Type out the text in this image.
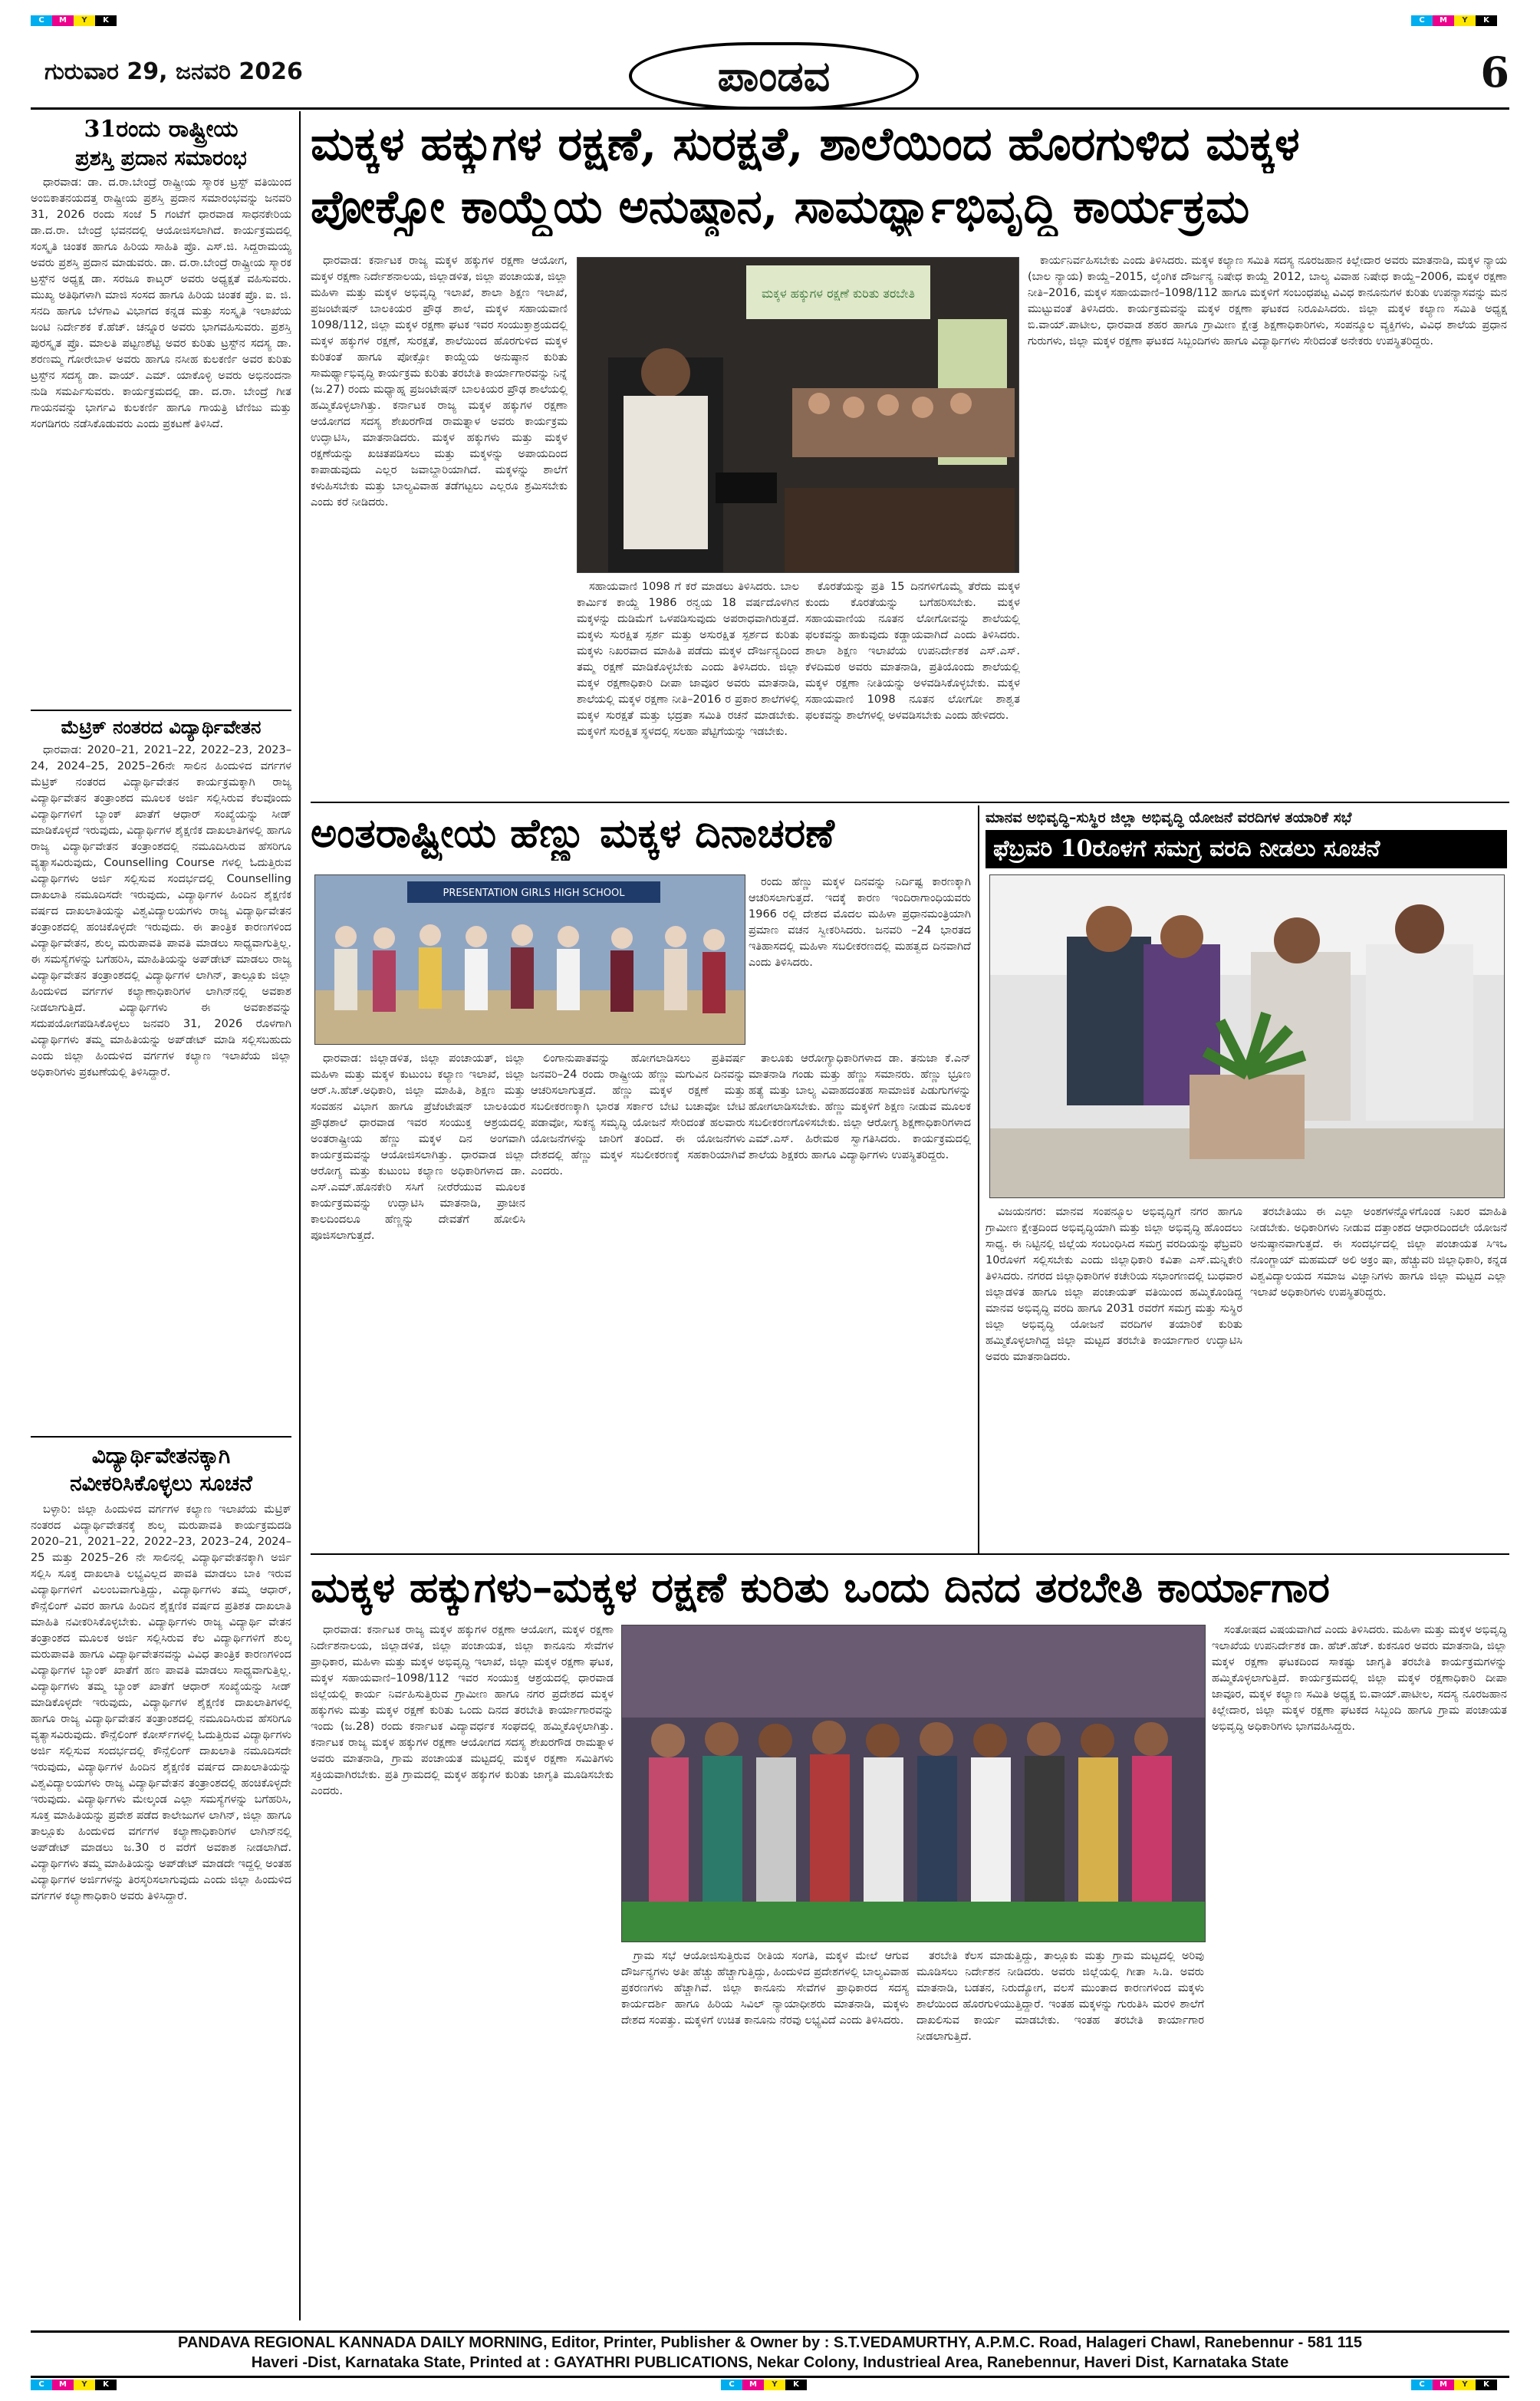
C	M	Y	K	C	M	Y	K
ಗುರುವಾರ 29, ಜನವರಿ 2026	ಪಾಂಡವ	6
31ರಂದು ರಾಷ್ಟ್ರೀಯ
ಪ್ರಶಸ್ತಿ ಪ್ರದಾನ ಸಮಾರಂಭ

ಧಾರವಾಡ: ಡಾ. ದ.ರಾ.ಬೇಂದ್ರೆ ರಾಷ್ಟ್ರೀಯ ಸ್ಮಾರಕ ಟ್ರಸ್ಟ್ ವತಿಯಿಂದ ಅಂಬಿಕಾತನಯದತ್ತ ರಾಷ್ಟ್ರೀಯ ಪ್ರಶಸ್ತಿ ಪ್ರದಾನ ಸಮಾರಂಭವನ್ನು ಜನವರಿ 31, 2026 ರಂದು ಸಂಜೆ 5 ಗಂಟೆಗೆ ಧಾರವಾಡ ಸಾಧನಕೇರಿಯ ಡಾ.ದ.ರಾ. ಬೇಂದ್ರೆ ಭವನದಲ್ಲಿ ಆಯೋಜಿಸಲಾಗಿದೆ. ಕಾರ್ಯಕ್ರಮದಲ್ಲಿ ಸಂಸ್ಕೃತಿ ಚಿಂತಕ ಹಾಗೂ ಹಿರಿಯ ಸಾಹಿತಿ ಪ್ರೊ. ಎಸ್.ಜಿ. ಸಿದ್ದರಾಮಯ್ಯ ಅವರು ಪ್ರಶಸ್ತಿ ಪ್ರದಾನ ಮಾಡುವರು. ಡಾ. ದ.ರಾ.ಬೇಂದ್ರೆ ರಾಷ್ಟ್ರೀಯ ಸ್ಮಾರಕ ಟ್ರಸ್ಟ್‌ನ ಅಧ್ಯಕ್ಷ ಡಾ. ಸರಜೂ ಕಾಟ್ಕರ್ ಅವರು ಅಧ್ಯಕ್ಷತೆ ವಹಿಸುವರು. ಮುಖ್ಯ ಅತಿಥಿಗಳಾಗಿ ಮಾಜಿ ಸಂಸದ ಹಾಗೂ ಹಿರಿಯ ಚಿಂತಕ ಪ್ರೊ. ಐ. ಜಿ. ಸನದಿ ಹಾಗೂ ಬೆಳಗಾವಿ ವಿಭಾಗದ ಕನ್ನಡ ಮತ್ತು ಸಂಸ್ಕೃತಿ ಇಲಾಖೆಯ ಜಂಟಿ ನಿರ್ದೇಶಕ ಕೆ.ಹೆಚ್. ಚನ್ನೂರ ಅವರು ಭಾಗವಹಿಸುವರು. ಪ್ರಶಸ್ತಿ ಪುರಸ್ಕೃತ ಪ್ರೊ. ಮಾಲತಿ ಪಟ್ಟಣಶೆಟ್ಟಿ ಅವರ ಕುರಿತು ಟ್ರಸ್ಟ್‌ನ ಸದಸ್ಯ ಡಾ. ಶರಣಮ್ಮ ಗೋರೇಬಾಳ ಅವರು ಹಾಗೂ ನಸೀಹ ಕುಲಕರ್ಣಿ ಅವರ ಕುರಿತು ಟ್ರಸ್ಟ್‌ನ ಸದಸ್ಯ ಡಾ. ವಾಯ್. ಎಮ್. ಯಾಕೊಳ್ಳಿ ಅವರು ಅಭಿನಂದನಾ ನುಡಿ ಸಮರ್ಪಿಸುವರು. ಕಾರ್ಯಕ್ರಮದಲ್ಲಿ ಡಾ. ದ.ರಾ. ಬೇಂದ್ರೆ ಗೀತ ಗಾಯನವನ್ನು ಭಾರ್ಗವಿ ಕುಲಕರ್ಣಿ ಹಾಗೂ ಗಾಯತ್ರಿ ಟೆಣಿಜು ಮತ್ತು ಸಂಗಡಿಗರು ನಡೆಸಿಕೊಡುವರು ಎಂದು ಪ್ರಕಟಣೆ ತಿಳಿಸಿದೆ.

ಮೆಟ್ರಿಕ್ ನಂತರದ ವಿದ್ಯಾರ್ಥಿವೇತನ

ಧಾರವಾಡ: 2020–21, 2021–22, 2022–23, 2023–24, 2024–25, 2025–26ನೇ ಸಾಲಿನ ಹಿಂದುಳಿದ ವರ್ಗಗಳ ಮೆಟ್ರಿಕ್ ನಂತರದ ವಿದ್ಯಾರ್ಥಿವೇತನ ಕಾರ್ಯಕ್ರಮಕ್ಕಾಗಿ ರಾಜ್ಯ ವಿದ್ಯಾರ್ಥಿವೇತನ ತಂತ್ರಾಂಶದ ಮೂಲಕ ಅರ್ಜಿ ಸಲ್ಲಿಸಿರುವ ಕೆಲವೊಂದು ವಿದ್ಯಾರ್ಥಿಗಳಿಗೆ ಬ್ಯಾಂಕ್ ಖಾತೆಗೆ ಆಧಾರ್ ಸಂಖ್ಯೆಯನ್ನು ಸೀಡ್ ಮಾಡಿಕೊಳ್ಳದೆ ಇರುವುದು, ವಿದ್ಯಾರ್ಥಿಗಳ ಶೈಕ್ಷಣಿಕ ದಾಖಲಾತಿಗಳಲ್ಲಿ ಹಾಗೂ ರಾಜ್ಯ ವಿದ್ಯಾರ್ಥಿವೇತನ ತಂತ್ರಾಂಶದಲ್ಲಿ ನಮೂದಿಸಿರುವ ಹೆಸರಿಗೂ ವ್ಯತ್ಯಾಸವಿರುವುದು, Counselling Course ಗಳಲ್ಲಿ ಓದುತ್ತಿರುವ ವಿದ್ಯಾರ್ಥಿಗಳು ಅರ್ಜಿ ಸಲ್ಲಿಸುವ ಸಂದರ್ಭದಲ್ಲಿ Counselling ದಾಖಲಾತಿ ನಮೂದಿಸದೇ ಇರುವುದು, ವಿದ್ಯಾರ್ಥಿಗಳ ಹಿಂದಿನ ಶೈಕ್ಷಣಿಕ ವರ್ಷದ ದಾಖಲಾತಿಯನ್ನು ವಿಶ್ವವಿದ್ಯಾಲಯಗಳು ರಾಜ್ಯ ವಿದ್ಯಾರ್ಥಿವೇತನ ತಂತ್ರಾಂಶದಲ್ಲಿ ಹಂಚಿಕೊಳ್ಳದೇ ಇರುವುದು. ಈ ತಾಂತ್ರಿಕ ಕಾರಣಗಳಿಂದ ವಿದ್ಯಾರ್ಥಿವೇತನ, ಶುಲ್ಕ ಮರುಪಾವತಿ ಪಾವತಿ ಮಾಡಲು ಸಾಧ್ಯವಾಗುತ್ತಿಲ್ಲ. ಈ ಸಮಸ್ಯೆಗಳನ್ನು ಬಗೆಹರಿಸಿ, ಮಾಹಿತಿಯನ್ನು ಅಪ್‌ಡೇಟ್ ಮಾಡಲು ರಾಜ್ಯ ವಿದ್ಯಾರ್ಥಿವೇತನ ತಂತ್ರಾಂಶದಲ್ಲಿ ವಿದ್ಯಾರ್ಥಿಗಳ ಲಾಗಿನ್, ತಾಲ್ಲೂಕು ಜಿಲ್ಲಾ ಹಿಂದುಳಿದ ವರ್ಗಗಳ ಕಲ್ಯಾಣಾಧಿಕಾರಿಗಳ ಲಾಗಿನ್‌ನಲ್ಲಿ ಅವಕಾಶ ನೀಡಲಾಗುತ್ತಿದೆ. ವಿದ್ಯಾರ್ಥಿಗಳು ಈ ಅವಕಾಶವನ್ನು ಸದುಪಯೋಗಪಡಿಸಿಕೊಳ್ಳಲು ಜನವರಿ 31, 2026 ರೊಳಗಾಗಿ ವಿದ್ಯಾರ್ಥಿಗಳು ತಮ್ಮ ಮಾಹಿತಿಯನ್ನು ಅಪ್‌ಡೇಟ್ ಮಾಡಿ ಸಲ್ಲಿಸಬಹುದು ಎಂದು ಜಿಲ್ಲಾ ಹಿಂದುಳಿದ ವರ್ಗಗಳ ಕಲ್ಯಾಣ ಇಲಾಖೆಯ ಜಿಲ್ಲಾ ಅಧಿಕಾರಿಗಳು ಪ್ರಕಟಣೆಯಲ್ಲಿ ತಿಳಿಸಿದ್ದಾರೆ.

ವಿದ್ಯಾರ್ಥಿವೇತನಕ್ಕಾಗಿ
ನವೀಕರಿಸಿಕೊಳ್ಳಲು ಸೂಚನೆ

ಬಳ್ಳಾರಿ: ಜಿಲ್ಲಾ ಹಿಂದುಳಿದ ವರ್ಗಗಳ ಕಲ್ಯಾಣ ಇಲಾಖೆಯ ಮೆಟ್ರಿಕ್ ನಂತರದ ವಿದ್ಯಾರ್ಥಿವೇತನಕ್ಕೆ ಶುಲ್ಕ ಮರುಪಾವತಿ ಕಾರ್ಯಕ್ರಮದಡಿ 2020–21, 2021–22, 2022–23, 2023–24, 2024–25 ಮತ್ತು 2025–26 ನೇ ಸಾಲಿನಲ್ಲಿ ವಿದ್ಯಾರ್ಥಿವೇತನಕ್ಕಾಗಿ ಅರ್ಜಿ ಸಲ್ಲಿಸಿ ಸೂಕ್ತ ದಾಖಲಾತಿ ಲಭ್ಯವಿಲ್ಲದ ಪಾವತಿ ಮಾಡಲು ಬಾಕಿ ಇರುವ ವಿದ್ಯಾರ್ಥಿಗಳಿಗೆ ವಿಲಂಬವಾಗುತ್ತಿದ್ದು, ವಿದ್ಯಾರ್ಥಿಗಳು ತಮ್ಮ ಆಧಾರ್, ಕೌನ್ಸೆಲಿಂಗ್ ವಿವರ ಹಾಗೂ ಹಿಂದಿನ ಶೈಕ್ಷಣಿಕ ವರ್ಷದ ಪ್ರತಿಶತ ದಾಖಲಾತಿ ಮಾಹಿತಿ ನವೀಕರಿಸಿಕೊಳ್ಳಬೇಕು. ವಿದ್ಯಾರ್ಥಿಗಳು ರಾಜ್ಯ ವಿದ್ಯಾರ್ಥಿ ವೇತನ ತಂತ್ರಾಂಶದ ಮೂಲಕ ಅರ್ಜಿ ಸಲ್ಲಿಸಿರುವ ಕೆಲ ವಿದ್ಯಾರ್ಥಿಗಳಿಗೆ ಶುಲ್ಕ ಮರುಪಾವತಿ ಹಾಗೂ ವಿದ್ಯಾರ್ಥಿವೇತನವನ್ನು ವಿವಿಧ ತಾಂತ್ರಿಕ ಕಾರಣಗಳಿಂದ ವಿದ್ಯಾರ್ಥಿಗಳ ಬ್ಯಾಂಕ್ ಖಾತೆಗೆ ಹಣ ಪಾವತಿ ಮಾಡಲು ಸಾಧ್ಯವಾಗುತ್ತಿಲ್ಲ. ವಿದ್ಯಾರ್ಥಿಗಳು ತಮ್ಮ ಬ್ಯಾಂಕ್ ಖಾತೆಗೆ ಆಧಾರ್ ಸಂಖ್ಯೆಯನ್ನು ಸೀಡ್ ಮಾಡಿಕೊಳ್ಳದೇ ಇರುವುದು, ವಿದ್ಯಾರ್ಥಿಗಳ ಶೈಕ್ಷಣಿಕ ದಾಖಲಾತಿಗಳಲ್ಲಿ ಹಾಗೂ ರಾಜ್ಯ ವಿದ್ಯಾರ್ಥಿವೇತನ ತಂತ್ರಾಂಶದಲ್ಲಿ ನಮೂದಿಸಿರುವ ಹೆಸರಿಗೂ ವ್ಯತ್ಯಾಸವಿರುವುದು. ಕೌನ್ಸೆಲಿಂಗ್ ಕೋರ್ಸ್‌ಗಳಲ್ಲಿ ಓದುತ್ತಿರುವ ವಿದ್ಯಾರ್ಥಿಗಳು ಅರ್ಜಿ ಸಲ್ಲಿಸುವ ಸಂದರ್ಭದಲ್ಲಿ ಕೌನ್ಸೆಲಿಂಗ್ ದಾಖಲಾತಿ ನಮೂದಿಸದೇ ಇರುವುದು, ವಿದ್ಯಾರ್ಥಿಗಳ ಹಿಂದಿನ ಶೈಕ್ಷಣಿಕ ವರ್ಷದ ದಾಖಲಾತಿಯನ್ನು ವಿಶ್ವವಿದ್ಯಾಲಯಗಳು ರಾಜ್ಯ ವಿದ್ಯಾರ್ಥಿವೇತನ ತಂತ್ರಾಂಶದಲ್ಲಿ ಹಂಚಿಕೊಳ್ಳದೇ ಇರುವುದು. ವಿದ್ಯಾರ್ಥಿಗಳು ಮೇಲ್ಕಂಡ ಎಲ್ಲಾ ಸಮಸ್ಯೆಗಳನ್ನು ಬಗೆಹರಿಸಿ, ಸೂಕ್ತ ಮಾಹಿತಿಯನ್ನು ಪ್ರವೇಶ ಪಡೆದ ಕಾಲೇಜುಗಳ ಲಾಗಿನ್, ಜಿಲ್ಲಾ ಹಾಗೂ ತಾಲ್ಲೂಕು ಹಿಂದುಳಿದ ವರ್ಗಗಳ ಕಲ್ಯಾಣಾಧಿಕಾರಿಗಳ ಲಾಗಿನ್‌ನಲ್ಲಿ ಅಪ್‌ಡೇಟ್ ಮಾಡಲು ಜ.30 ರ ವರೆಗೆ ಅವಕಾಶ ನೀಡಲಾಗಿದೆ. ವಿದ್ಯಾರ್ಥಿಗಳು ತಮ್ಮ ಮಾಹಿತಿಯನ್ನು ಅಪ್‌ಡೇಟ್ ಮಾಡದೇ ಇದ್ದಲ್ಲಿ ಅಂತಹ ವಿದ್ಯಾರ್ಥಿಗಳ ಅರ್ಜಿಗಳನ್ನು ತಿರಸ್ಕರಿಸಲಾಗುವುದು ಎಂದು ಜಿಲ್ಲಾ ಹಿಂದುಳಿದ ವರ್ಗಗಳ ಕಲ್ಯಾಣಾಧಿಕಾರಿ ಅವರು ತಿಳಿಸಿದ್ದಾರೆ.

ಮಕ್ಕಳ ಹಕ್ಕುಗಳ ರಕ್ಷಣೆ, ಸುರಕ್ಷತೆ, ಶಾಲೆಯಿಂದ ಹೊರಗುಳಿದ ಮಕ್ಕಳ
ಪೋಕ್ಸೋ ಕಾಯ್ದೆಯ ಅನುಷ್ಠಾನ, ಸಾಮರ್ಥ್ಯಾಭಿವೃದ್ಧಿ ಕಾರ್ಯಕ್ರಮ

ಧಾರವಾಡ: ಕರ್ನಾಟಕ ರಾಜ್ಯ ಮಕ್ಕಳ ಹಕ್ಕುಗಳ ರಕ್ಷಣಾ ಆಯೋಗ, ಮಕ್ಕಳ ರಕ್ಷಣಾ ನಿರ್ದೇಶನಾಲಯ, ಜಿಲ್ಲಾಡಳಿತ, ಜಿಲ್ಲಾ ಪಂಚಾಯತ, ಜಿಲ್ಲಾ ಮಹಿಳಾ ಮತ್ತು ಮಕ್ಕಳ ಅಭಿವೃದ್ಧಿ ಇಲಾಖೆ, ಶಾಲಾ ಶಿಕ್ಷಣ ಇಲಾಖೆ, ಪ್ರಜಂಟೇಷನ್ ಬಾಲಕಿಯರ ಪ್ರೌಢ ಶಾಲೆ, ಮಕ್ಕಳ ಸಹಾಯವಾಣಿ 1098/112, ಜಿಲ್ಲಾ ಮಕ್ಕಳ ರಕ್ಷಣಾ ಘಟಕ ಇವರ ಸಂಯುಕ್ತಾಶ್ರಯದಲ್ಲಿ ಮಕ್ಕಳ ಹಕ್ಕುಗಳ ರಕ್ಷಣೆ, ಸುರಕ್ಷತೆ, ಶಾಲೆಯಿಂದ ಹೊರಗುಳಿದ ಮಕ್ಕಳ ಕುರಿತಂತೆ ಹಾಗೂ ಪೋಕ್ಸೋ ಕಾಯ್ದೆಯ ಅನುಷ್ಠಾನ ಕುರಿತು ಸಾಮರ್ಥ್ಯಾಭಿವೃದ್ಧಿ ಕಾರ್ಯಕ್ರಮ ಕುರಿತು ತರಬೇತಿ ಕಾರ್ಯಾಗಾರವನ್ನು ನಿನ್ನೆ (ಜ.27) ರಂದು ಮಧ್ಯಾಹ್ನ ಪ್ರಜಂಟೇಷನ್ ಬಾಲಕಿಯರ ಪ್ರೌಢ ಶಾಲೆಯಲ್ಲಿ ಹಮ್ಮಿಕೊಳ್ಳಲಾಗಿತ್ತು. ಕರ್ನಾಟಕ ರಾಜ್ಯ ಮಕ್ಕಳ ಹಕ್ಕುಗಳ ರಕ್ಷಣಾ ಆಯೋಗದ ಸದಸ್ಯ ಶೇಖರಗೌಡ ರಾಮತ್ನಾಳ ಅವರು ಕಾರ್ಯಕ್ರಮ ಉದ್ಘಾಟಿಸಿ, ಮಾತನಾಡಿದರು. ಮಕ್ಕಳ ಹಕ್ಕುಗಳು ಮತ್ತು ಮಕ್ಕಳ ರಕ್ಷಣೆಯನ್ನು ಖಚಿತಪಡಿಸಲು ಮತ್ತು ಮಕ್ಕಳನ್ನು ಅಪಾಯದಿಂದ ಕಾಪಾಡುವುದು ಎಲ್ಲರ ಜವಾಬ್ದಾರಿಯಾಗಿದೆ. ಮಕ್ಕಳನ್ನು ಶಾಲೆಗೆ ಕಳುಹಿಸಬೇಕು ಮತ್ತು ಬಾಲ್ಯವಿವಾಹ ತಡೆಗಟ್ಟಲು ಎಲ್ಲರೂ ಶ್ರಮಿಸಬೇಕು ಎಂದು ಕರೆ ನೀಡಿದರು.

ಮಕ್ಕಳ ಹಕ್ಕುಗಳ ರಕ್ಷಣೆ ಕುರಿತು ತರಬೇತಿ

ಸಹಾಯವಾಣಿ 1098 ಗೆ ಕರೆ ಮಾಡಲು ತಿಳಿಸಿದರು. ಬಾಲ ಕಾರ್ಮಿಕ ಕಾಯ್ದೆ 1986 ರನ್ವಯ 18 ವರ್ಷದೊಳಗಿನ ಮಕ್ಕಳನ್ನು ದುಡಿಮೆಗೆ ಒಳಪಡಿಸುವುದು ಅಪರಾಧವಾಗಿರುತ್ತದೆ. ಮಕ್ಕಳು ಸುರಕ್ಷಿತ ಸ್ಪರ್ಶ ಮತ್ತು ಅಸುರಕ್ಷಿತ ಸ್ಪರ್ಶದ ಕುರಿತು ಮಕ್ಕಳು ನಿಖರವಾದ ಮಾಹಿತಿ ಪಡೆದು ಮಕ್ಕಳ ದೌರ್ಜನ್ಯದಿಂದ ತಮ್ಮ ರಕ್ಷಣೆ ಮಾಡಿಕೊಳ್ಳಬೇಕು ಎಂದು ತಿಳಿಸಿದರು. ಜಿಲ್ಲಾ ಮಕ್ಕಳ ರಕ್ಷಣಾಧಿಕಾರಿ ದೀಪಾ ಜಾವೂರ ಅವರು ಮಾತನಾಡಿ, ಶಾಲೆಯಲ್ಲಿ ಮಕ್ಕಳ ರಕ್ಷಣಾ ನೀತಿ–2016 ರ ಪ್ರಕಾರ ಶಾಲೆಗಳಲ್ಲಿ ಮಕ್ಕಳ ಸುರಕ್ಷತೆ ಮತ್ತು ಭದ್ರತಾ ಸಮಿತಿ ರಚನೆ ಮಾಡಬೇಕು. ಮಕ್ಕಳಿಗೆ ಸುರಕ್ಷಿತ ಸ್ಥಳದಲ್ಲಿ ಸಲಹಾ ಪೆಟ್ಟಿಗೆಯನ್ನು ಇಡಬೇಕು.

ಕೊರತೆಯನ್ನು ಪ್ರತಿ 15 ದಿನಗಳಿಗೊಮ್ಮೆ ತೆರೆದು ಮಕ್ಕಳ ಕುಂದು ಕೊರತೆಯನ್ನು ಬಗೆಹರಿಸಬೇಕು. ಮಕ್ಕಳ ಸಹಾಯವಾಣಿಯ ನೂತನ ಲೋಗೋವನ್ನು ಶಾಲೆಯಲ್ಲಿ ಫಲಕವನ್ನು ಹಾಕುವುದು ಕಡ್ಡಾಯವಾಗಿದೆ ಎಂದು ತಿಳಿಸಿದರು. ಶಾಲಾ ಶಿಕ್ಷಣ ಇಲಾಖೆಯ ಉಪನಿರ್ದೇಶಕ ಎಸ್.ಎಸ್. ಕೆಳದಿಮಠ ಅವರು ಮಾತನಾಡಿ, ಪ್ರತಿಯೊಂದು ಶಾಲೆಯಲ್ಲಿ ಮಕ್ಕಳ ರಕ್ಷಣಾ ನೀತಿಯನ್ನು ಅಳವಡಿಸಿಕೊಳ್ಳಬೇಕು. ಮಕ್ಕಳ ಸಹಾಯವಾಣಿ 1098 ನೂತನ ಲೋಗೋ ಶಾಶ್ವತ ಫಲಕವನ್ನು ಶಾಲೆಗಳಲ್ಲಿ ಅಳವಡಿಸಬೇಕು ಎಂದು ಹೇಳಿದರು.

ಕಾರ್ಯನಿರ್ವಹಿಸಬೇಕು ಎಂದು ತಿಳಿಸಿದರು. ಮಕ್ಕಳ ಕಲ್ಯಾಣ ಸಮಿತಿ ಸದಸ್ಯ ನೂರಜಹಾನ ಕಿಲ್ಲೇದಾರ ಅವರು ಮಾತನಾಡಿ, ಮಕ್ಕಳ ನ್ಯಾಯ (ಬಾಲ ನ್ಯಾಯ) ಕಾಯ್ದೆ–2015, ಲೈಂಗಿಕ ದೌರ್ಜನ್ಯ ನಿಷೇಧ ಕಾಯ್ದೆ 2012, ಬಾಲ್ಯ ವಿವಾಹ ನಿಷೇಧ ಕಾಯ್ದೆ–2006, ಮಕ್ಕಳ ರಕ್ಷಣಾ ನೀತಿ–2016, ಮಕ್ಕಳ ಸಹಾಯವಾಣಿ–1098/112 ಹಾಗೂ ಮಕ್ಕಳಿಗೆ ಸಂಬಂಧಪಟ್ಟ ವಿವಿಧ ಕಾನೂನುಗಳ ಕುರಿತು ಉಪನ್ಯಾಸವನ್ನು ಮನ ಮುಟ್ಟುವಂತೆ ತಿಳಿಸಿದರು. ಕಾರ್ಯಕ್ರಮವನ್ನು ಮಕ್ಕಳ ರಕ್ಷಣಾ ಘಟಕದ ನಿರೂಪಿಸಿದರು. ಜಿಲ್ಲಾ ಮಕ್ಕಳ ಕಲ್ಯಾಣ ಸಮಿತಿ ಅಧ್ಯಕ್ಷ ಬಿ.ವಾಯ್.ಪಾಟೀಲ, ಧಾರವಾಡ ಶಹರ ಹಾಗೂ ಗ್ರಾಮೀಣ ಕ್ಷೇತ್ರ ಶಿಕ್ಷಣಾಧಿಕಾರಿಗಳು, ಸಂಪನ್ಮೂಲ ವ್ಯಕ್ತಿಗಳು, ವಿವಿಧ ಶಾಲೆಯ ಪ್ರಧಾನ ಗುರುಗಳು, ಜಿಲ್ಲಾ ಮಕ್ಕಳ ರಕ್ಷಣಾ ಘಟಕದ ಸಿಬ್ಬಂದಿಗಳು ಹಾಗೂ ವಿದ್ಯಾರ್ಥಿಗಳು ಸೇರಿದಂತೆ ಅನೇಕರು ಉಪಸ್ಥಿತರಿದ್ದರು.

ಅಂತರಾಷ್ಟ್ರೀಯ ಹೆಣ್ಣು ಮಕ್ಕಳ ದಿನಾಚರಣೆ
PRESENTATION GIRLS HIGH SCHOOL

ರಂದು ಹೆಣ್ಣು ಮಕ್ಕಳ ದಿನವನ್ನು ನಿರ್ದಿಷ್ಟ ಕಾರಣಕ್ಕಾಗಿ ಆಚರಿಸಲಾಗುತ್ತದೆ. ಇದಕ್ಕೆ ಕಾರಣ ಇಂದಿರಾಗಾಂಧಿಯವರು 1966 ರಲ್ಲಿ ದೇಶದ ಮೊದಲ ಮಹಿಳಾ ಪ್ರಧಾನಮಂತ್ರಿಯಾಗಿ ಪ್ರಮಾಣ ವಚನ ಸ್ವೀಕರಿಸಿದರು. ಜನವರಿ –24 ಭಾರತದ ಇತಿಹಾಸದಲ್ಲಿ ಮಹಿಳಾ ಸಬಲೀಕರಣದಲ್ಲಿ ಮಹತ್ವದ ದಿನವಾಗಿದೆ ಎಂದು ತಿಳಿಸಿದರು.

ಧಾರವಾಡ: ಜಿಲ್ಲಾಡಳಿತ, ಜಿಲ್ಲಾ ಪಂಚಾಯತ್, ಜಿಲ್ಲಾ ಮಹಿಳಾ ಮತ್ತು ಮಕ್ಕಳ ಕುಟುಂಬ ಕಲ್ಯಾಣ ಇಲಾಖೆ, ಜಿಲ್ಲಾ ಆರ್.ಸಿ.ಹೆಚ್.ಅಧಿಕಾರಿ, ಜಿಲ್ಲಾ ಮಾಹಿತಿ, ಶಿಕ್ಷಣ ಮತ್ತು ಸಂವಹನ ವಿಭಾಗ ಹಾಗೂ ಪ್ರೆಜೆಂಟೇಷನ್ ಬಾಲಕಿಯರ ಪ್ರೌಢಶಾಲೆ ಧಾರವಾಡ ಇವರ ಸಂಯುಕ್ತ ಆಶ್ರಯದಲ್ಲಿ ಅಂತರಾಷ್ಟ್ರೀಯ ಹೆಣ್ಣು ಮಕ್ಕಳ ದಿನ ಅಂಗವಾಗಿ ಕಾರ್ಯಕ್ರಮವನ್ನು ಆಯೋಜಿಸಲಾಗಿತ್ತು. ಧಾರವಾಡ ಜಿಲ್ಲಾ ಆರೋಗ್ಯ ಮತ್ತು ಕುಟುಂಬ ಕಲ್ಯಾಣ ಅಧಿಕಾರಿಗಳಾದ ಡಾ. ಎಸ್.ಎಮ್.ಹೊನಕೇರಿ ಸಸಿಗೆ ನೀರೆರೆಯುವ ಮೂಲಕ ಕಾರ್ಯಕ್ರಮವನ್ನು ಉದ್ಘಾಟಿಸಿ ಮಾತನಾಡಿ, ಪ್ರಾಚೀನ ಕಾಲದಿಂದಲೂ ಹೆಣ್ಣನ್ನು ದೇವತೆಗೆ ಹೋಲಿಸಿ ಪೂಜಿಸಲಾಗುತ್ತದೆ.

ಲಿಂಗಾನುಪಾತವನ್ನು ಹೋಗಲಾಡಿಸಲು ಪ್ರತಿವರ್ಷ ಜನವರಿ–24 ರಂದು ರಾಷ್ಟ್ರೀಯ ಹೆಣ್ಣು ಮಗುವಿನ ದಿನವನ್ನು ಆಚರಿಸಲಾಗುತ್ತದೆ. ಹೆಣ್ಣು ಮಕ್ಕಳ ರಕ್ಷಣೆ ಮತ್ತು ಸಬಲೀಕರಣಕ್ಕಾಗಿ ಭಾರತ ಸರ್ಕಾರ ಬೇಟಿ ಬಚಾವೋ ಬೇಟಿ ಪಡಾವೋ, ಸುಕನ್ಯ ಸಮೃದ್ಧಿ ಯೋಜನೆ ಸೇರಿದಂತೆ ಹಲವಾರು ಯೋಜನೆಗಳನ್ನು ಜಾರಿಗೆ ತಂದಿದೆ. ಈ ಯೋಜನೆಗಳು ದೇಶದಲ್ಲಿ ಹೆಣ್ಣು ಮಕ್ಕಳ ಸಬಲೀಕರಣಕ್ಕೆ ಸಹಕಾರಿಯಾಗಿವೆ ಎಂದರು.

ತಾಲೂಕು ಆರೋಗ್ಯಾಧಿಕಾರಿಗಳಾದ ಡಾ. ತನುಜಾ ಕೆ.ಎನ್ ಮಾತನಾಡಿ ಗಂಡು ಮತ್ತು ಹೆಣ್ಣು ಸಮಾನರು. ಹೆಣ್ಣು ಭ್ರೂಣ ಹತ್ಯೆ ಮತ್ತು ಬಾಲ್ಯ ವಿವಾಹದಂತಹ ಸಾಮಾಜಿಕ ಪಿಡುಗುಗಳನ್ನು ಹೋಗಲಾಡಿಸಬೇಕು. ಹೆಣ್ಣು ಮಕ್ಕಳಿಗೆ ಶಿಕ್ಷಣ ನೀಡುವ ಮೂಲಕ ಸಬಲೀಕರಣಗೊಳಿಸಬೇಕು. ಜಿಲ್ಲಾ ಆರೋಗ್ಯ ಶಿಕ್ಷಣಾಧಿಕಾರಿಗಳಾದ ಎಮ್.ಎಸ್. ಹಿರೇಮಠ ಸ್ವಾಗತಿಸಿದರು. ಕಾರ್ಯಕ್ರಮದಲ್ಲಿ ಶಾಲೆಯ ಶಿಕ್ಷಕರು ಹಾಗೂ ವಿದ್ಯಾರ್ಥಿಗಳು ಉಪಸ್ಥಿತರಿದ್ದರು.

ಮಾನವ ಅಭಿವೃದ್ಧಿ–ಸುಸ್ಥಿರ ಜಿಲ್ಲಾ ಅಭಿವೃದ್ಧಿ ಯೋಜನೆ ವರದಿಗಳ ತಯಾರಿಕೆ ಸಭೆ
ಫೆಬ್ರವರಿ 10ರೊಳಗೆ ಸಮಗ್ರ ವರದಿ ನೀಡಲು ಸೂಚನೆ

ವಿಜಯನಗರ: ಮಾನವ ಸಂಪನ್ಮೂಲ ಅಭಿವೃದ್ಧಿಗೆ ನಗರ ಹಾಗೂ ಗ್ರಾಮೀಣ ಕ್ಷೇತ್ರದಿಂದ ಅಭಿವೃದ್ಧಿಯಾಗಿ ಮತ್ತು ಜಿಲ್ಲಾ ಅಭಿವೃದ್ಧಿ ಹೊಂದಲು ಸಾಧ್ಯ. ಈ ನಿಟ್ಟಿನಲ್ಲಿ ಜಿಲ್ಲೆಯ ಸಂಬಂಧಿಸಿದ ಸಮಗ್ರ ವರದಿಯನ್ನು ಫೆಬ್ರವರಿ 10ರೊಳಗೆ ಸಲ್ಲಿಸಬೇಕು ಎಂದು ಜಿಲ್ಲಾಧಿಕಾರಿ ಕವಿತಾ ಎಸ್.ಮನ್ನಿಕೇರಿ ತಿಳಿಸಿದರು. ನಗರದ ಜಿಲ್ಲಾಧಿಕಾರಿಗಳ ಕಚೇರಿಯ ಸಭಾಂಗಣದಲ್ಲಿ ಬುಧವಾರ ಜಿಲ್ಲಾಡಳಿತ ಹಾಗೂ ಜಿಲ್ಲಾ ಪಂಚಾಯತ್ ವತಿಯಿಂದ ಹಮ್ಮಿಕೊಂಡಿದ್ದ ಮಾನವ ಅಭಿವೃದ್ಧಿ ವರದಿ ಹಾಗೂ 2031 ರವರೆಗೆ ಸಮಗ್ರ ಮತ್ತು ಸುಸ್ಥಿರ ಜಿಲ್ಲಾ ಅಭಿವೃದ್ಧಿ ಯೋಜನೆ ವರದಿಗಳ ತಯಾರಿಕೆ ಕುರಿತು ಹಮ್ಮಿಕೊಳ್ಳಲಾಗಿದ್ದ ಜಿಲ್ಲಾ ಮಟ್ಟದ ತರಬೇತಿ ಕಾರ್ಯಾಗಾರ ಉದ್ಘಾಟಿಸಿ ಅವರು ಮಾತನಾಡಿದರು.

ತರಬೇತಿಯು ಈ ಎಲ್ಲಾ ಅಂಶಗಳನ್ನೊಳಗೊಂಡ ನಿಖರ ಮಾಹಿತಿ ನೀಡಬೇಕು. ಅಧಿಕಾರಿಗಳು ನೀಡುವ ದತ್ತಾಂಶದ ಆಧಾರದಿಂದಲೇ ಯೋಜನೆ ಅನುಷ್ಠಾನವಾಗುತ್ತದೆ. ಈ ಸಂದರ್ಭದಲ್ಲಿ ಜಿಲ್ಲಾ ಪಂಚಾಯತ ಸಿಇಒ ನೊಂಗ್ಜಾಯ್ ಮಹಮದ್ ಅಲಿ ಅಕ್ರಂ ಷಾ, ಹೆಚ್ಚುವರಿ ಜಿಲ್ಲಾಧಿಕಾರಿ, ಕನ್ನಡ ವಿಶ್ವವಿದ್ಯಾಲಯದ ಸಮಾಜ ವಿಜ್ಞಾನಿಗಳು ಹಾಗೂ ಜಿಲ್ಲಾ ಮಟ್ಟದ ಎಲ್ಲಾ ಇಲಾಖೆ ಅಧಿಕಾರಿಗಳು ಉಪಸ್ಥಿತರಿದ್ದರು.

ಮಕ್ಕಳ ಹಕ್ಕುಗಳು–ಮಕ್ಕಳ ರಕ್ಷಣೆ ಕುರಿತು ಒಂದು ದಿನದ ತರಬೇತಿ ಕಾರ್ಯಾಗಾರ

ಧಾರವಾಡ: ಕರ್ನಾಟಕ ರಾಜ್ಯ ಮಕ್ಕಳ ಹಕ್ಕುಗಳ ರಕ್ಷಣಾ ಆಯೋಗ, ಮಕ್ಕಳ ರಕ್ಷಣಾ ನಿರ್ದೇಶನಾಲಯ, ಜಿಲ್ಲಾಡಳಿತ, ಜಿಲ್ಲಾ ಪಂಚಾಯತ, ಜಿಲ್ಲಾ ಕಾನೂನು ಸೇವೆಗಳ ಪ್ರಾಧಿಕಾರ, ಮಹಿಳಾ ಮತ್ತು ಮಕ್ಕಳ ಅಭಿವೃದ್ಧಿ ಇಲಾಖೆ, ಜಿಲ್ಲಾ ಮಕ್ಕಳ ರಕ್ಷಣಾ ಘಟಕ, ಮಕ್ಕಳ ಸಹಾಯವಾಣಿ–1098/112 ಇವರ ಸಂಯುಕ್ತ ಆಶ್ರಯದಲ್ಲಿ ಧಾರವಾಡ ಜಿಲ್ಲೆಯಲ್ಲಿ ಕಾರ್ಯ ನಿರ್ವಹಿಸುತ್ತಿರುವ ಗ್ರಾಮೀಣ ಹಾಗೂ ನಗರ ಪ್ರದೇಶದ ಮಕ್ಕಳ ಹಕ್ಕುಗಳು ಮತ್ತು ಮಕ್ಕಳ ರಕ್ಷಣೆ ಕುರಿತು ಒಂದು ದಿನದ ತರಬೇತಿ ಕಾರ್ಯಾಗಾರವನ್ನು ಇಂದು (ಜ.28) ರಂದು ಕರ್ನಾಟಕ ವಿದ್ಯಾವರ್ಧಕ ಸಂಘದಲ್ಲಿ ಹಮ್ಮಿಕೊಳ್ಳಲಾಗಿತ್ತು. ಕರ್ನಾಟಕ ರಾಜ್ಯ ಮಕ್ಕಳ ಹಕ್ಕುಗಳ ರಕ್ಷಣಾ ಆಯೋಗದ ಸದಸ್ಯ ಶೇಖರಗೌಡ ರಾಮತ್ನಾಳ ಅವರು ಮಾತನಾಡಿ, ಗ್ರಾಮ ಪಂಚಾಯತ ಮಟ್ಟದಲ್ಲಿ ಮಕ್ಕಳ ರಕ್ಷಣಾ ಸಮಿತಿಗಳು ಸಕ್ರಿಯವಾಗಿರಬೇಕು. ಪ್ರತಿ ಗ್ರಾಮದಲ್ಲಿ ಮಕ್ಕಳ ಹಕ್ಕುಗಳ ಕುರಿತು ಜಾಗೃತಿ ಮೂಡಿಸಬೇಕು ಎಂದರು.

ಸಂತೋಷದ ವಿಷಯವಾಗಿದೆ ಎಂದು ತಿಳಿಸಿದರು. ಮಹಿಳಾ ಮತ್ತು ಮಕ್ಕಳ ಅಭಿವೃದ್ಧಿ ಇಲಾಖೆಯ ಉಪನಿರ್ದೇಶಕ ಡಾ. ಹೆಚ್.ಹೆಚ್. ಕುಕನೂರ ಅವರು ಮಾತನಾಡಿ, ಜಿಲ್ಲಾ ಮಕ್ಕಳ ರಕ್ಷಣಾ ಘಟಕದಿಂದ ಸಾಕಷ್ಟು ಜಾಗೃತಿ ತರಬೇತಿ ಕಾರ್ಯಕ್ರಮಗಳನ್ನು ಹಮ್ಮಿಕೊಳ್ಳಲಾಗುತ್ತಿದೆ. ಕಾರ್ಯಕ್ರಮದಲ್ಲಿ ಜಿಲ್ಲಾ ಮಕ್ಕಳ ರಕ್ಷಣಾಧಿಕಾರಿ ದೀಪಾ ಜಾವೂರ, ಮಕ್ಕಳ ಕಲ್ಯಾಣ ಸಮಿತಿ ಅಧ್ಯಕ್ಷ ಬಿ.ವಾಯ್.ಪಾಟೀಲ, ಸದಸ್ಯ ನೂರಜಹಾನ ಕಿಲ್ಲೇದಾರ, ಜಿಲ್ಲಾ ಮಕ್ಕಳ ರಕ್ಷಣಾ ಘಟಕದ ಸಿಬ್ಬಂದಿ ಹಾಗೂ ಗ್ರಾಮ ಪಂಚಾಯತ ಅಭಿವೃದ್ಧಿ ಅಧಿಕಾರಿಗಳು ಭಾಗವಹಿಸಿದ್ದರು.

ಗ್ರಾಮ ಸಭೆ ಆಯೋಜಿಸುತ್ತಿರುವ ರೀತಿಯ ಸಂಗತಿ, ಮಕ್ಕಳ ಮೇಲೆ ಆಗುವ ದೌರ್ಜನ್ಯಗಳು ಅತೀ ಹೆಚ್ಚು ಹೆಚ್ಚಾಗುತ್ತಿದ್ದು, ಹಿಂದುಳಿದ ಪ್ರದೇಶಗಳಲ್ಲಿ ಬಾಲ್ಯವಿವಾಹ ಪ್ರಕರಣಗಳು ಹೆಚ್ಚಾಗಿವೆ. ಜಿಲ್ಲಾ ಕಾನೂನು ಸೇವೆಗಳ ಪ್ರಾಧಿಕಾರದ ಸದಸ್ಯ ಕಾರ್ಯದರ್ಶಿ ಹಾಗೂ ಹಿರಿಯ ಸಿವಿಲ್ ನ್ಯಾಯಾಧೀಶರು ಮಾತನಾಡಿ, ಮಕ್ಕಳು ದೇಶದ ಸಂಪತ್ತು. ಮಕ್ಕಳಿಗೆ ಉಚಿತ ಕಾನೂನು ನೆರವು ಲಭ್ಯವಿದೆ ಎಂದು ತಿಳಿಸಿದರು.

ತರಬೇತಿ ಕೆಲಸ ಮಾಡುತ್ತಿದ್ದು, ತಾಲ್ಲೂಕು ಮತ್ತು ಗ್ರಾಮ ಮಟ್ಟದಲ್ಲಿ ಅರಿವು ಮೂಡಿಸಲು ನಿರ್ದೇಶನ ನೀಡಿದರು. ಅವರು ಜಿಲ್ಲೆಯಲ್ಲಿ ಗೀತಾ ಸಿ.ಡಿ. ಅವರು ಮಾತನಾಡಿ, ಬಡತನ, ನಿರುದ್ಯೋಗ, ವಲಸೆ ಮುಂತಾದ ಕಾರಣಗಳಿಂದ ಮಕ್ಕಳು ಶಾಲೆಯಿಂದ ಹೊರಗುಳಿಯುತ್ತಿದ್ದಾರೆ. ಇಂತಹ ಮಕ್ಕಳನ್ನು ಗುರುತಿಸಿ ಮರಳಿ ಶಾಲೆಗೆ ದಾಖಲಿಸುವ ಕಾರ್ಯ ಮಾಡಬೇಕು. ಇಂತಹ ತರಬೇತಿ ಕಾರ್ಯಾಗಾರ ನೀಡಲಾಗುತ್ತಿದೆ.

PANDAVA REGIONAL KANNADA DAILY MORNING, Editor, Printer, Publisher & Owner by : S.T.VEDAMURTHY, A.P.M.C. Road, Halageri Chawl, Ranebennur - 581 115
Haveri -Dist, Karnataka State, Printed at : GAYATHRI PUBLICATIONS, Nekar Colony, Industrieal Area, Ranebennur, Haveri Dist, Karnataka State
C	M	Y	K	C	M	Y	K	C	M	Y	K
